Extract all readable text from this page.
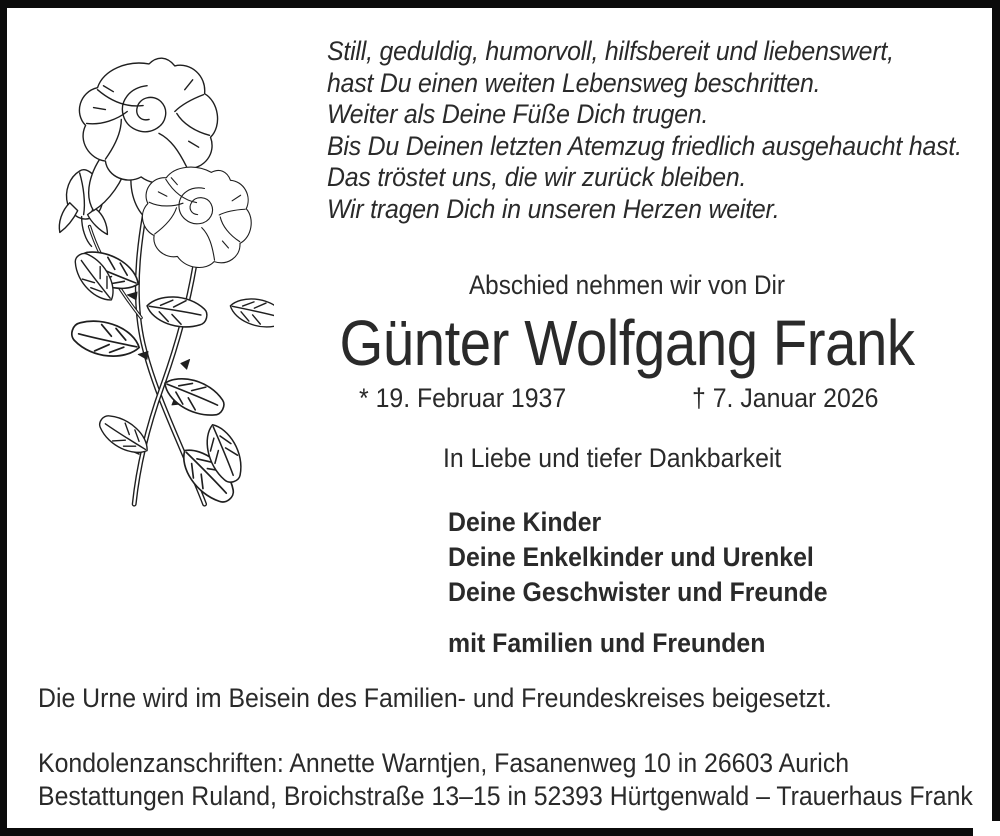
Still, geduldig, humorvoll, hilfsbereit und liebenswert,
hast Du einen weiten Lebensweg beschritten.
Weiter als Deine Füße Dich trugen.
Bis Du Deinen letzten Atemzug friedlich ausgehaucht hast.
Das tröstet uns, die wir zurück bleiben.
Wir tragen Dich in unseren Herzen weiter.
Abschied nehmen wir von Dir
Günter Wolfgang Frank
* 19. Februar 1937	† 7. Januar 2026
In Liebe und tiefer Dankbarkeit
Deine Kinder
Deine Enkelkinder und Urenkel
Deine Geschwister und Freunde
mit Familien und Freunden
Die Urne wird im Beisein des Familien- und Freundeskreises beigesetzt.
Kondolenzanschriften: Annette Warntjen, Fasanenweg 10 in 26603 Aurich
Bestattungen Ruland, Broichstraße 13–15 in 52393 Hürtgenwald – Trauerhaus Frank
